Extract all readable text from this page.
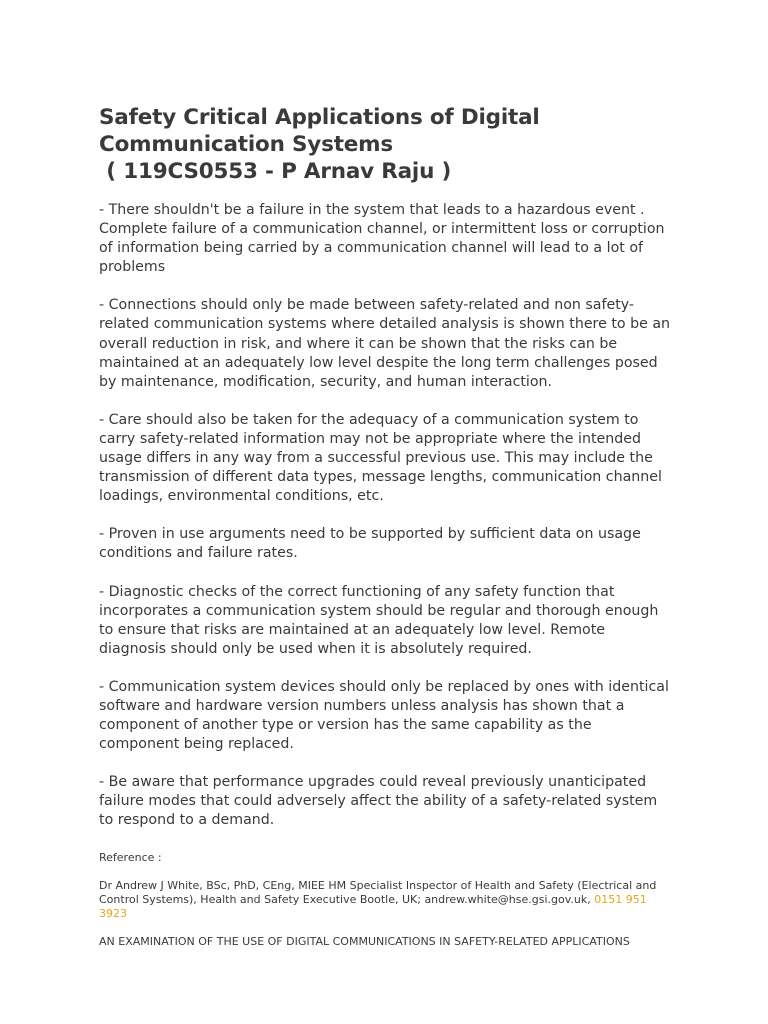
Safety Critical Applications of Digital
Communication Systems
( 119CS0553 - P Arnav Raju )

- There shouldn't be a failure in the system that leads to a hazardous event . Complete failure of a communication channel, or intermittent loss or corruption of information being carried by a communication channel will lead to a lot of problems

- Connections should only be made between safety-related and non safety-related communication systems where detailed analysis is shown there to be an overall reduction in risk, and where it can be shown that the risks can be maintained at an adequately low level despite the long term challenges posed by maintenance, modification, security, and human interaction.

- Care should also be taken for the adequacy of a communication system to carry safety-related information may not be appropriate where the intended usage differs in any way from a successful previous use. This may include the transmission of different data types, message lengths, communication channel loadings, environmental conditions, etc.

- Proven in use arguments need to be supported by sufficient data on usage conditions and failure rates.

- Diagnostic checks of the correct functioning of any safety function that incorporates a communication system should be regular and thorough enough to ensure that risks are maintained at an adequately low level. Remote diagnosis should only be used when it is absolutely required.

- Communication system devices should only be replaced by ones with identical software and hardware version numbers unless analysis has shown that a component of another type or version has the same capability as the component being replaced.

- Be aware that performance upgrades could reveal previously unanticipated failure modes that could adversely affect the ability of a safety-related system to respond to a demand.

Reference :

Dr Andrew J White, BSc, PhD, CEng, MIEE HM Specialist Inspector of Health and Safety (Electrical and Control Systems), Health and Safety Executive Bootle, UK; andrew.white@hse.gsi.gov.uk, 0151 951 3923

AN EXAMINATION OF THE USE OF DIGITAL COMMUNICATIONS IN SAFETY-RELATED APPLICATIONS
